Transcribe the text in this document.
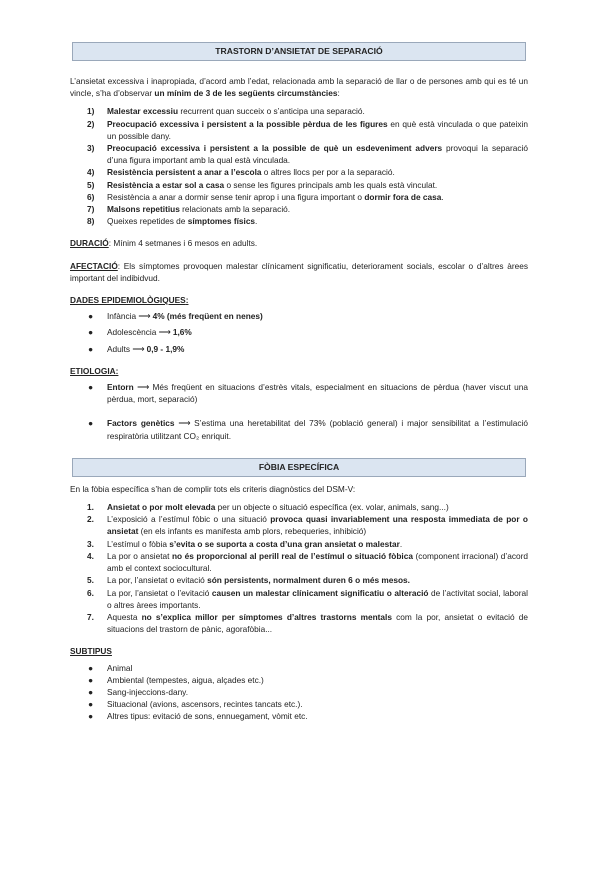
TRASTORN D’ANSIETAT DE SEPARACIÓ

L’ansietat excessiva i inapropiada, d’acord amb l’edat, relacionada amb la separació de llar o de persones amb qui es té un vincle, s’ha d’observar un mínim de 3 de les següents circumstàncies:

1) Malestar excessiu recurrent quan succeix o s’anticipa una separació.
2) Preocupació excessiva i persistent a la possible pèrdua de les figures en què està vinculada o que pateixin un possible dany.
3) Preocupació excessiva i persistent a la possible de què un esdeveniment advers provoqui la separació d’una figura important amb la qual està vinculada.
4) Resistència persistent a anar a l’escola o altres llocs per por a la separació.
5) Resistència a estar sol a casa o sense les figures principals amb les quals està vinculat.
6) Resistència a anar a dormir sense tenir aprop i una figura important o dormir fora de casa.
7) Malsons repetitius relacionats amb la separació.
8) Queixes repetides de símptomes físics.

DURACIÓ: Mínim 4 setmanes i 6 mesos en adults.

AFECTACIÓ: Els símptomes provoquen malestar clínicament significatiu, deteriorament socials, escolar o d’altres àrees important del indibidvud.

DADES EPIDEMIOLÒGIQUES:
● Infància ⟶ 4% (més freqüent en nenes)
● Adolescència ⟶ 1,6%
● Adults ⟶ 0,9 - 1,9%
ETIOLOGIA:
● Entorn ⟶ Més freqüent en situacions d’estrès vitals, especialment en situacions de pèrdua (haver viscut una pèrdua, mort, separació)
● Factors genètics ⟶ S’estima una heretabilitat del 73% (població general) i major sensibilitat a l’estimulació respiratòria utilitzant CO₂ enriquit.
FÒBIA ESPECÍFICA

En la fòbia específica s’han de complir tots els criteris diagnòstics del DSM-V:

1. Ansietat o por molt elevada per un objecte o situació específica (ex. volar, animals, sang...)
2. L’exposició a l’estímul fòbic o una situació provoca quasi invariablement una resposta immediata de por o ansietat (en els infants es manifesta amb plors, rebequeries, inhibició)
3. L’estímul o fòbia s’evita o se suporta a costa d’una gran ansietat o malestar.
4. La por o ansietat no és proporcional al perill real de l’estímul o situació fòbica (component irracional) d’acord amb el context sociocultural.
5. La por, l’ansietat o evitació són persistents, normalment duren 6 o més mesos.
6. La por, l’ansietat o l’evitació causen un malestar clínicament significatiu o alteració de l’activitat social, laboral o altres àrees importants.
7. Aquesta no s’explica millor per símptomes d’altres trastorns mentals com la por, ansietat o evitació de situacions del trastorn de pànic, agorafòbia...
SUBTIPUS
● Animal
● Ambiental (tempestes, aigua, alçades etc.)
● Sang-injeccions-dany.
● Situacional (avions, ascensors, recintes tancats etc.).
● Altres tipus: evitació de sons, ennuegament, vòmit etc.
